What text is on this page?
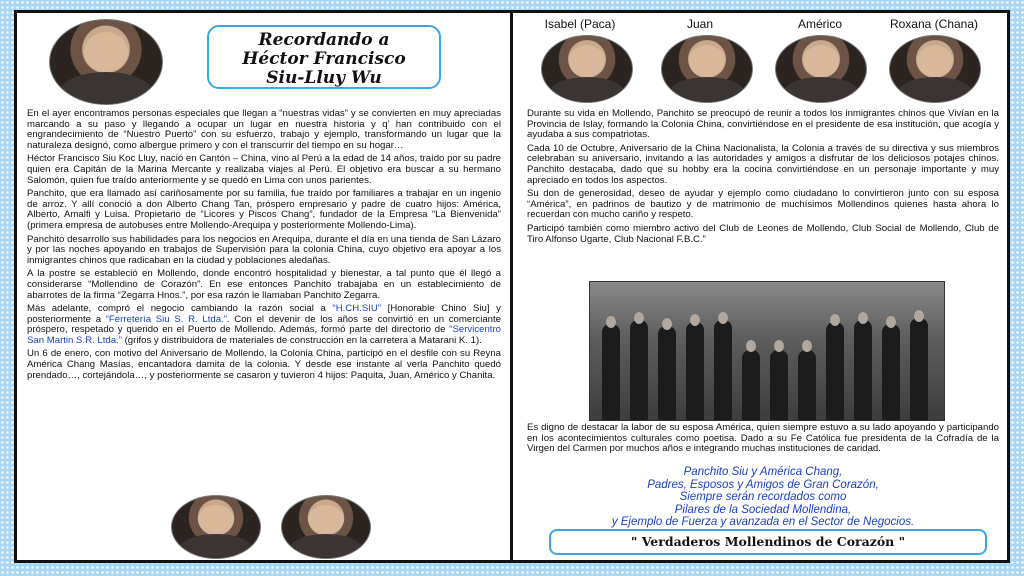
Recordando a
Héctor Francisco
Siu-Lluy Wu

En el ayer encontramos personas especiales que llegan a “nuestras vidas” y se convierten en muy apreciadas marcando a su paso y llegando a ocupar un lugar en nuestra historia y q’ han contribuido con el engrandecimiento de “Nuestro Puerto” con su esfuerzo, trabajo y ejemplo, transformando un lugar que la naturaleza designó, como albergue primero y con el transcurrir del tiempo en su hogar…

Héctor Francisco Siu Koc Lluy, nació en Cantón – China, vino al Perú a la edad de 14 años, traído por su padre quien era Capitán de la Marina Mercante y realizaba viajes al Perú. El objetivo era buscar a su hermano Salomón, quien fue traído anteriormente y se quedó en Lima con unos parientes.

Panchito, que era llamado así cariñosamente por su familia, fue traído por familiares a trabajar en un ingenio de arroz. Y allí conoció a don Alberto Chang Tan, próspero empresario y padre de cuatro hijos: América, Alberto, Amalfi y Luisa. Propietario de “Licores y Piscos Chang”, fundador de la Empresa “La Bienvenida” (primera empresa de autobuses entre Mollendo-Arequipa y posteriormente Mollendo-Lima).

Panchito desarrollo sus habilidades para los negocios en Arequipa, durante el día en una tienda de San Lázaro y por las noches apoyando en trabajos de Supervisión para la colonia China, cuyo objetivo era apoyar a los inmigrantes chinos que radicaban en la ciudad y poblaciones aledañas.

A la postre se estableció en Mollendo, donde encontró hospitalidad y bienestar, a tal punto que él llegó a considerarse “Mollendino de Corazón”. En ese entonces Panchito trabajaba en un establecimiento de abarrotes de la firma “Zegarra Hnos.”, por esa razón le llamaban Panchito Zegarra.

Más adelante, compró el negocio cambiando la razón social a “H.CH.SIU” [Honorable Chino Siu] y posteriormente a “Ferretería Siu S. R. Ltda.”. Con el devenir de los años se convirtió en un comerciante próspero, respetado y querido en el Puerto de Mollendo. Además, formó parte del directorio de “Servicentro San Martin S.R. Ltda.” (grifos y distribuidora de materiales de construcción en la carretera a Matarani K. 1).

Un 6 de enero, con motivo del Aniversario de Mollendo, la Colonia China, participó en el desfile con su Reyna América Chang Masías, encantadora damita de la colonia. Y desde ese instante al verla Panchito quedó prendado…, cortejándola…, y posteriormente se casaron y tuvieron 4 hijos: Paquita, Juan, Américo y Chanita.

Isabel (Paca)	Juan	Américo	Roxana (Chana)

Durante su vida en Mollendo, Panchito se preocupó de reunir a todos los inmigrantes chinos que Vivían en la Provincia de Islay, formando la Colonia China, convirtiéndose en el presidente de esa institución, que acogía y ayudaba a sus compatriotas.

Cada 10 de Octubre, Aniversario de la China Nacionalista, la Colonia a través de su directiva y sus miembros celebraban su aniversario, invitando a las autoridades y amigos a disfrutar de los deliciosos potajes chinos. Panchito destacaba, dado que su hobby era la cocina convirtiéndose en un personaje importante y muy apreciado en todos los aspectos.

Su don de generosidad, deseo de ayudar y ejemplo como ciudadano lo convirtieron junto con su esposa “América”, en padrinos de bautizo y de matrimonio de muchísimos Mollendinos quienes hasta ahora lo recuerdan con mucho cariño y respeto.

Participó también como miembro activo del Club de Leones de Mollendo, Club Social de Mollendo, Club de Tiro Alfonso Ugarte, Club Nacional F.B.C.”

Es digno de destacar la labor de su esposa América, quien siempre estuvo a su lado apoyando y participando en los acontecimientos culturales como poetisa. Dado a su Fe Católica fue presidenta de la Cofradía de la Virgen del Carmen por muchos años e integrando muchas instituciones de caridad.

Panchito Siu y América Chang,

Padres, Esposos y Amigos de Gran Corazón,

Siempre serán recordados como

Pilares de la Sociedad Mollendina,

y Ejemplo de Fuerza y avanzada en el Sector de Negocios.

" Verdaderos Mollendinos de Corazón "
